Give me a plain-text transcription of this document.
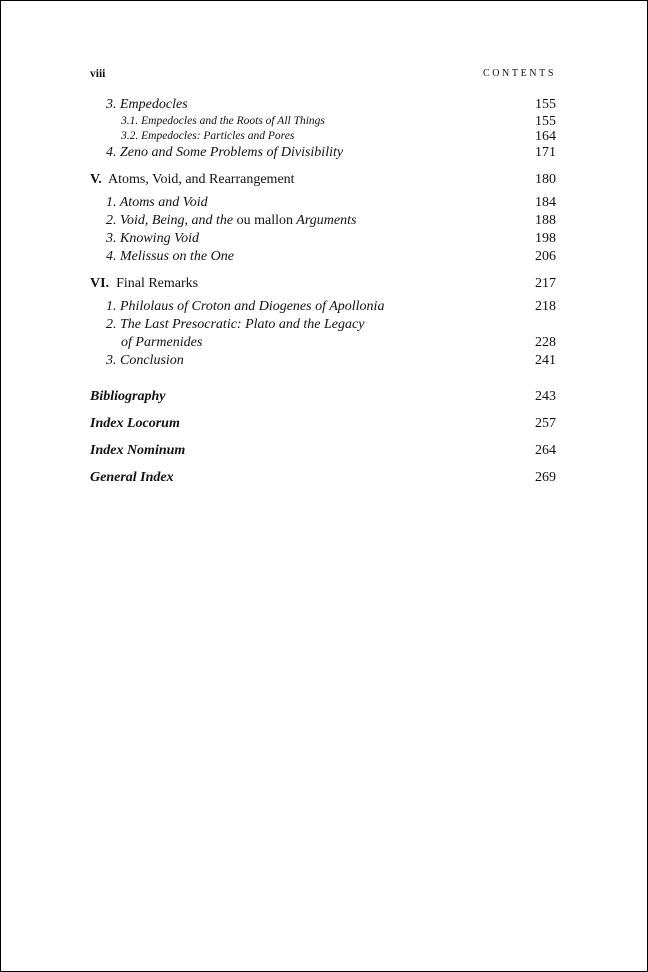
viii	CONTENTS
3. Empedocles	155
3.1. Empedocles and the Roots of All Things	155
3.2. Empedocles: Particles and Pores	164
4. Zeno and Some Problems of Divisibility	171
V. Atoms, Void, and Rearrangement	180
1. Atoms and Void	184
2. Void, Being, and the ou mallon Arguments	188
3. Knowing Void	198
4. Melissus on the One	206
VI. Final Remarks	217
1. Philolaus of Croton and Diogenes of Apollonia	218
2. The Last Presocratic: Plato and the Legacy
of Parmenides	228
3. Conclusion	241
Bibliography	243
Index Locorum	257
Index Nominum	264
General Index	269
